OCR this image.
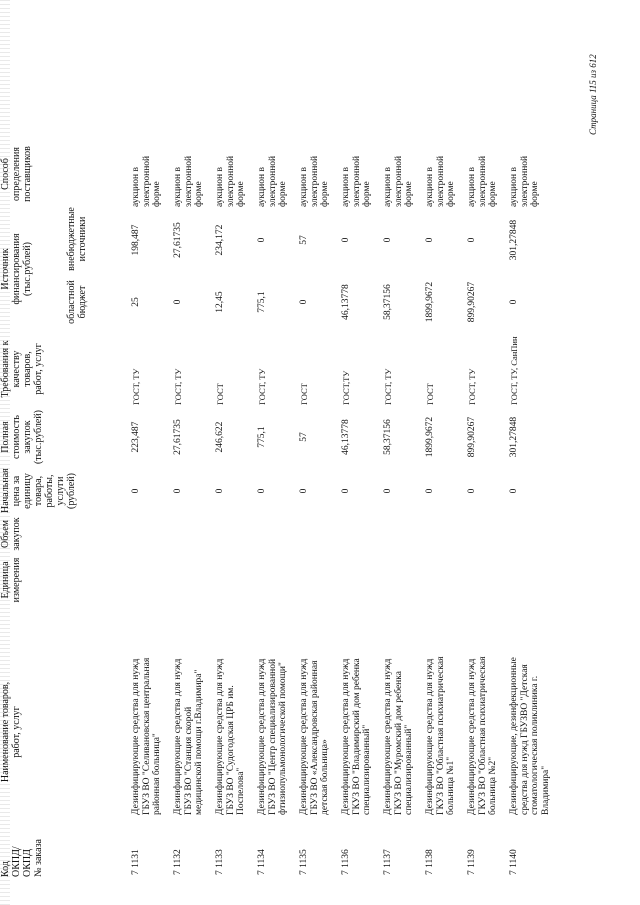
Код ОКПД/ ОКПД № заказа
Наименование товаров, работ, услуг
Единица измерения
Объем закупок
Начальная цена за единицу товара, работы, услуги (рублей)
Полная стоимость закупок (тыс.рублей)
Требования к качеству товаров, работ, услуг
Источник финансирования (тыс.рублей)
областной бюджет
внебюджетные источники
Способ определения поставщиков
7 1131
Дезинфицирующие средства для нужд ГБУЗ ВО "Селивановская центральная районная больница"
0
223,487
ГОСТ, ТУ
25
198,487
аукцион в электронной форме
7 1132
Дезинфицирующие средства для нужд ГБУЗ ВО "Станция скорой медицинской помощи г.Владимира"
0
27,61735
ГОСТ, ТУ
0
27,61735
аукцион в электронной форме
7 1133
Дезинфицирующие средства для нужд ГБУЗ ВО "Судогодская ЦРБ им. Поспелова"
0
246,622
ГОСТ
12,45
234,172
аукцион в электронной форме
7 1134
Дезинфицирующие средства для нужд ГБУЗ ВО "Центр специализированной фтизиопульмонологической помощи"
0
775,1
ГОСТ, ТУ
775,1
0
аукцион в электронной форме
7 1135
Дезинфицирующие средства для нужд ГБУЗ ВО «Александровская районная детская больница»
0
57
ГОСТ
0
57
аукцион в электронной форме
7 1136
Дезинфицирующие средства для нужд ГКУЗ ВО "Владимирский дом ребенка специализированный"
0
46,13778
ГОСТ,ТУ
46,13778
0
аукцион в электронной форме
7 1137
Дезинфицирующие средства для нужд ГКУЗ ВО "Муромский дом ребенка специализированный"
0
58,37156
ГОСТ, ТУ
58,37156
0
аукцион в электронной форме
7 1138
Дезинфицирующие средства для нужд ГКУЗ ВО "Областная психиатрическая больница №1"
0
1899,9672
ГОСТ
1899,9672
0
аукцион в электронной форме
7 1139
Дезинфицирующие средства для нужд ГКУЗ ВО "Областная психиатрическая больница №2"
0
899,90267
ГОСТ, ТУ
899,90267
0
аукцион в электронной форме
7 1140
Дезинфицирующие, дезинфекционные средства для нужд ГБУЗВО "Детская стоматологическая поликлиника г. Владимира"
0
301,27848
ГОСТ, ТУ, СанПин
0
301,27848
аукцион в электронной форме
Страница 115 из 612
